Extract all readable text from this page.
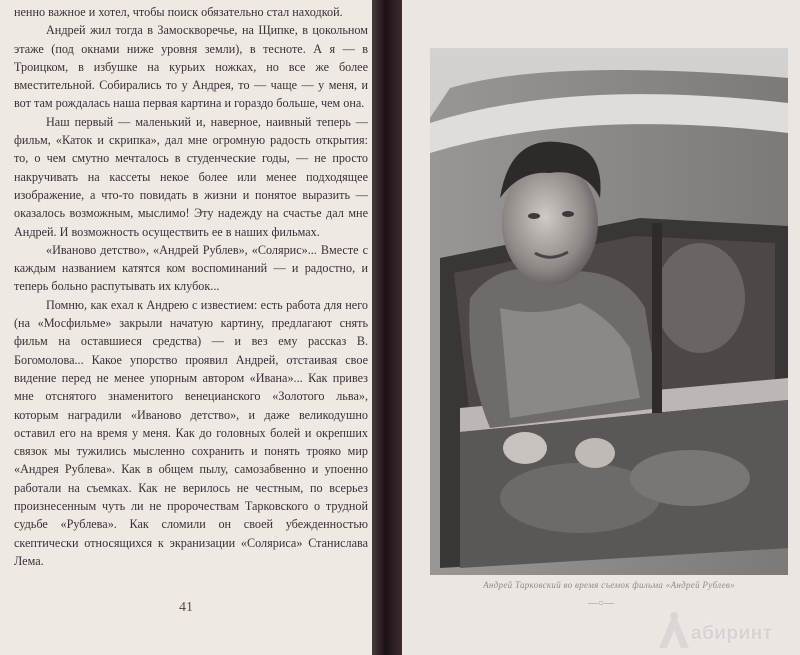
ненно важное и хотел, чтобы поиск обязательно стал находкой.

Андрей жил тогда в Замоскворечье, на Щипке, в цокольном этаже (под окнами ниже уровня земли), в тесноте. А я — в Троицком, в избушке на курьих ножках, но все же более вместительной. Собирались то у Андрея, то — чаще — у меня, и вот там рождалась наша первая картина и гораздо больше, чем она.

Наш первый — маленький и, наверное, наивный теперь — фильм, «Каток и скрипка», дал мне огромную радость открытия: то, о чем смутно мечталось в студенческие годы, — не просто накручивать на кассеты некое более или менее подходящее изображение, а что-то повидать в жизни и понятое выразить — оказалось возможным, мыслимо! Эту надежду на счастье дал мне Андрей. И возможность осуществить ее в наших фильмах.

«Иваново детство», «Андрей Рублев», «Солярис»... Вместе с каждым названием катятся ком воспоминаний — и радостно, и теперь больно распутывать их клубок...

Помню, как ехал к Андрею с известием: есть работа для него (на «Мосфильме» закрыли начатую картину, предлагают снять фильм на оставшиеся средства) — и вез ему рассказ В. Богомолова... Какое упорство проявил Андрей, отстаивая свое видение перед не менее упорным автором «Ивана»... Как привез мне отснятого знаменитого венецианского «Золотого льва», которым наградили «Иваново детство», и даже великодушно оставил его на время у меня. Как до головных болей и окрепших связок мы тужились мысленно сохранить и понять трояко мир «Андрея Рублева». Как в общем пылу, самозабвенно и упоенно работали на съемках. Как не верилось не честным, по всерьез произнесенным чуть ли не пророчествам Тарковского о трудной судьбе «Рублева». Как сломили он своей убежденностью скептически относящихся к экранизации «Соляриса» Станислава Лема.

41
Андрей Тарковский во время съемок фильма «Андрей Рублев»
—○—
абиринт
